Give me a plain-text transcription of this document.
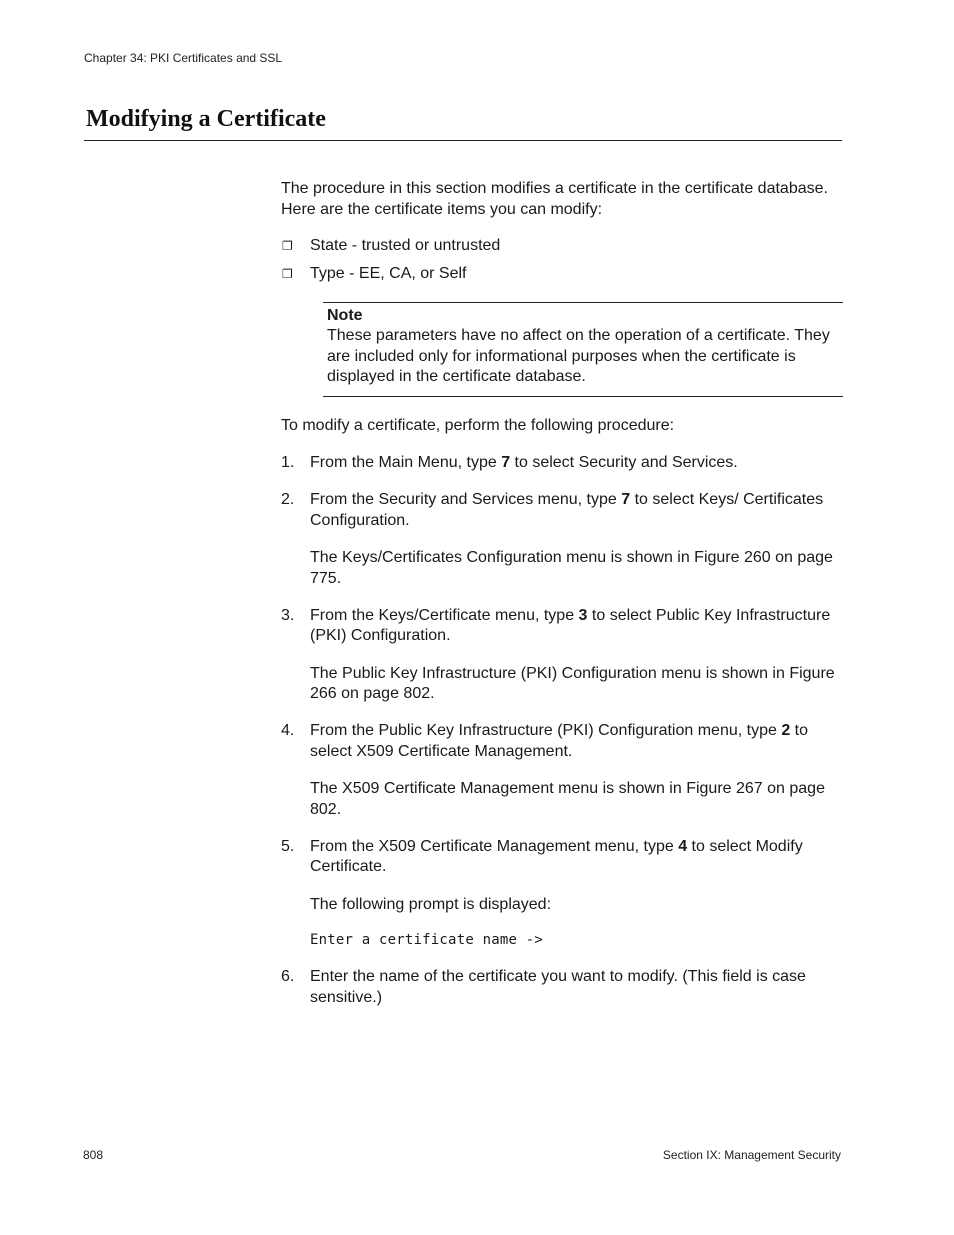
Chapter 34: PKI Certificates and SSL
Modifying a Certificate

The procedure in this section modifies a certificate in the certificate database. Here are the certificate items you can modify:

❐ State - trusted or untrusted
❐ Type - EE, CA, or Self
Note
These parameters have no affect on the operation of a certificate. They are included only for informational purposes when the certificate is displayed in the certificate database.

To modify a certificate, perform the following procedure:

1. From the Main Menu, type 7 to select Security and Services.

2. From the Security and Services menu, type 7 to select Keys/ Certificates Configuration.

The Keys/Certificates Configuration menu is shown in Figure 260 on page 775.

3. From the Keys/Certificate menu, type 3 to select Public Key Infrastructure (PKI) Configuration.

The Public Key Infrastructure (PKI) Configuration menu is shown in Figure 266 on page 802.

4. From the Public Key Infrastructure (PKI) Configuration menu, type 2 to select X509 Certificate Management.

The X509 Certificate Management menu is shown in Figure 267 on page 802.

5. From the X509 Certificate Management menu, type 4 to select Modify Certificate.

The following prompt is displayed:

Enter a certificate name ->

6. Enter the name of the certificate you want to modify. (This field is case sensitive.)

808	Section IX: Management Security
